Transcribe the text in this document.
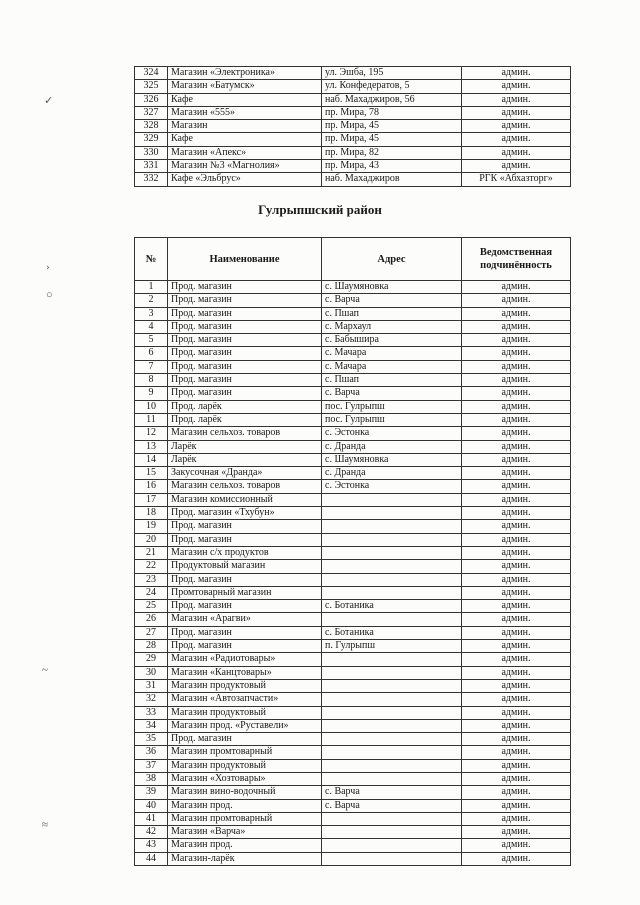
✓
›
○
~
≈
324	Магазин «Электроника»	ул. Эшба, 195	админ.
325	Магазин «Батумск»	ул. Конфедератов, 5	админ.
326	Кафе	наб. Махаджиров, 56	админ.
327	Магазин «555»	пр. Мира, 78	админ.
328	Магазин	пр. Мира, 45	админ.
329	Кафе	пр. Мира, 45	админ.
330	Магазин «Апекс»	пр. Мира, 82	админ.
331	Магазин №3 «Магнолия»	пр. Мира, 43	админ.
332	Кафе «Эльбрус»	наб. Махаджиров	РГК «Абхазторг»
Гулрыпшский район
№	Наименование	Адрес	Ведомственная подчинённость
1	Прод. магазин	с. Шаумяновка	админ.
2	Прод. магазин	с. Варча	админ.
3	Прод. магазин	с. Пшап	админ.
4	Прод. магазин	с. Мархаул	админ.
5	Прод. магазин	с. Бабышира	админ.
6	Прод. магазин	с. Мачара	админ.
7	Прод. магазин	с. Мачара	админ.
8	Прод. магазин	с. Пшап	админ.
9	Прод. магазин	с. Варча	админ.
10	Прод. ларёк	пос. Гулрыпш	админ.
11	Прод. ларёк	пос. Гулрыпш	админ.
12	Магазин сельхоз. товаров	с. Эстонка	админ.
13	Ларёк	с. Дранда	админ.
14	Ларёк	с. Шаумяновка	админ.
15	Закусочная «Дранда»	с. Дранда	админ.
16	Магазин сельхоз. товаров	с. Эстонка	админ.
17	Магазин комиссионный		админ.
18	Прод. магазин «Тхубун»		админ.
19	Прод. магазин		админ.
20	Прод. магазин		админ.
21	Магазин с/х продуктов		админ.
22	Продуктовый магазин		админ.
23	Прод. магазин		админ.
24	Промтоварный магазин		админ.
25	Прод. магазин	с. Ботаника	админ.
26	Магазин «Арагви»		админ.
27	Прод. магазин	с. Ботаника	админ.
28	Прод. магазин	п. Гулрыпш	админ.
29	Магазин «Радиотовары»		админ.
30	Магазин «Канцтовары»		админ.
31	Магазин продуктовый		админ.
32	Магазин «Автозапчасти»		админ.
33	Магазин продуктовый		админ.
34	Магазин прод. «Руставели»		админ.
35	Прод. магазин		админ.
36	Магазин промтоварный		админ.
37	Магазин продуктовый		админ.
38	Магазин «Хозтовары»		админ.
39	Магазин вино-водочный	с. Варча	админ.
40	Магазин прод.	с. Варча	админ.
41	Магазин промтоварный		админ.
42	Магазин «Варча»		админ.
43	Магазин прод.		админ.
44	Магазин-ларёк		админ.
